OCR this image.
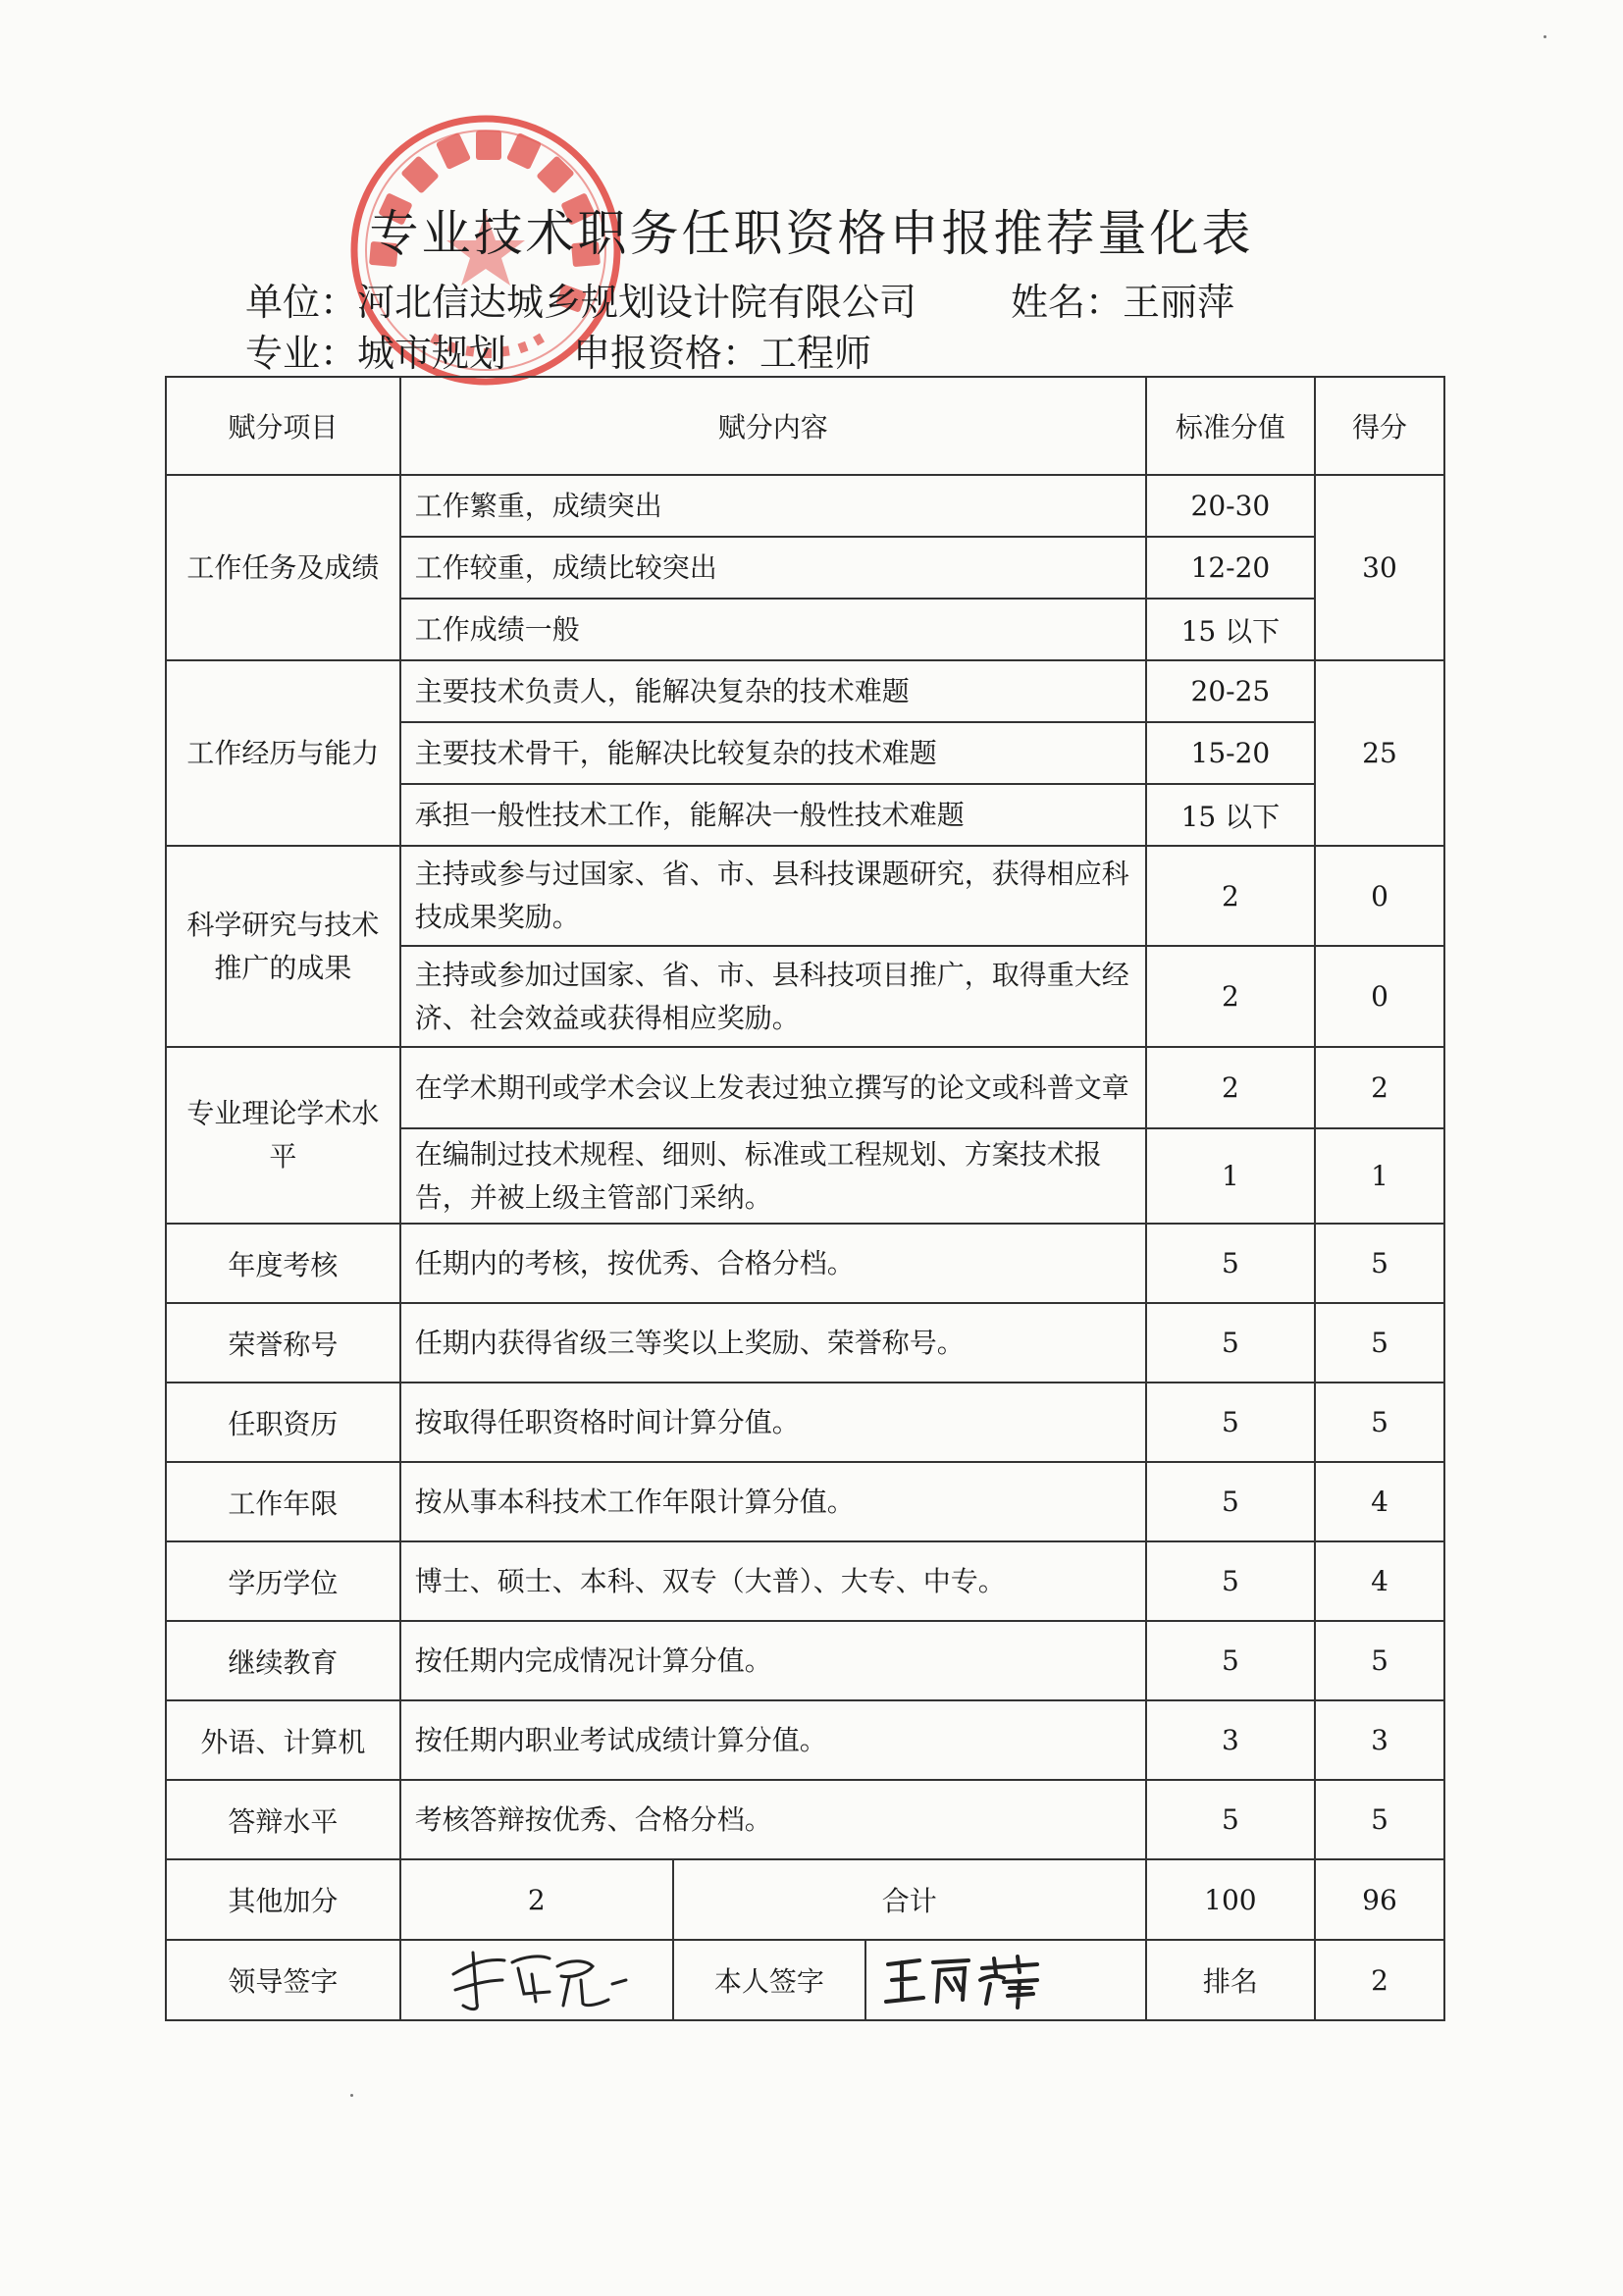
专业技术职务任职资格申报推荐量化表
单位：河北信达城乡规划设计院有限公司	姓名：王丽萍
专业：城市规划 申报资格：工程师
赋分项目	赋分内容			标准分值	得分
工作任务及成绩	工作繁重，成绩突出			20-30	30
	工作较重，成绩比较突出			12-20	
	工作成绩一般			15 以下	
工作经历与能力	主要技术负责人，能解决复杂的技术难题			20-25	25
	主要技术骨干，能解决比较复杂的技术难题			15-20	
	承担一般性技术工作，能解决一般性技术难题			15 以下	
科学研究与技术推广的成果	主持或参与过国家、省、市、县科技课题研究，获得相应科技成果奖励。			2	0
	主持或参加过国家、省、市、县科技项目推广，取得重大经济、社会效益或获得相应奖励。			2	0
专业理论学术水平	在学术期刊或学术会议上发表过独立撰写的论文或科普文章			2	2
	在编制过技术规程、细则、标准或工程规划、方案技术报告，并被上级主管部门采纳。			1	1
年度考核	任期内的考核，按优秀、合格分档。			5	5
荣誉称号	任期内获得省级三等奖以上奖励、荣誉称号。			5	5
任职资历	按取得任职资格时间计算分值。			5	5
工作年限	按从事本科技术工作年限计算分值。			5	4
学历学位	博士、硕士、本科、双专（大普）、大专、中专。			5	4
继续教育	按任期内完成情况计算分值。			5	5
外语、计算机	按任期内职业考试成绩计算分值。			3	3
答辩水平	考核答辩按优秀、合格分档。			5	5
其他加分	2	合计		100	96
领导签字		本人签字		排名	2
